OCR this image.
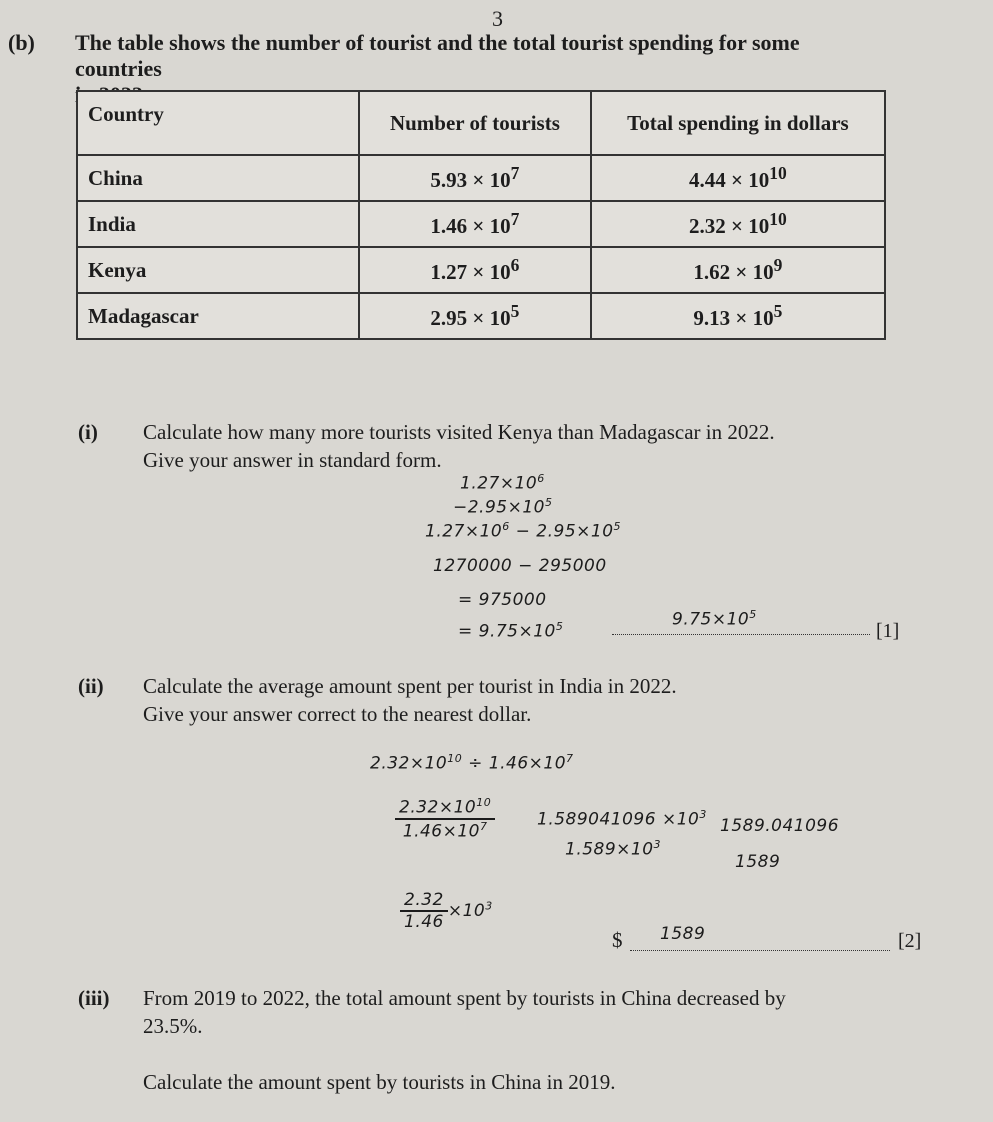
3
(b) The table shows the number of tourist and the total tourist spending for some countries
Country	Number of tourists	Total spending in dollars
China	$5.93 \times 10^7$	$4.44 \times 10^{10}$
India	$1.46 \times 10^7$	$2.32 \times 10^{10}$
Kenya	$1.27 \times 10^6$	$1.62 \times 10^9$
Madagascar	$2.95 \times 10^5$	$9.13 \times 10^5$
(i) Calculate how many more tourists visited Kenya than Madagascar in 2022.
Give your answer in standard form.
$1.27\times 10^6$
$-2.95\times 10^5$
$1.27\times 10^6 - 2.95\times 10^5$
1270000 − 295000
= 975000
= $9.75\times 10^5$	$9.75\times 10^5$
[1]
(ii) Calculate the average amount spent per tourist in India in 2022.
Give your answer correct to the nearest dollar.
$2.32\times 10^{10} \div 1.46\times 10^7$
$\frac{2.32\times 10^{10}}{1.46\times 10^7} 1.589041096 \times 10^3$
$1.589\times 10^3$
1589.041096
1589
$\frac{2.32}{1.46} \times 10^3$
$ 1589	[2]
(iii) From 2019 to 2022, the total amount spent by tourists in China decreased by
23.5%.
Calculate the amount spent by tourists in China in 2019.
